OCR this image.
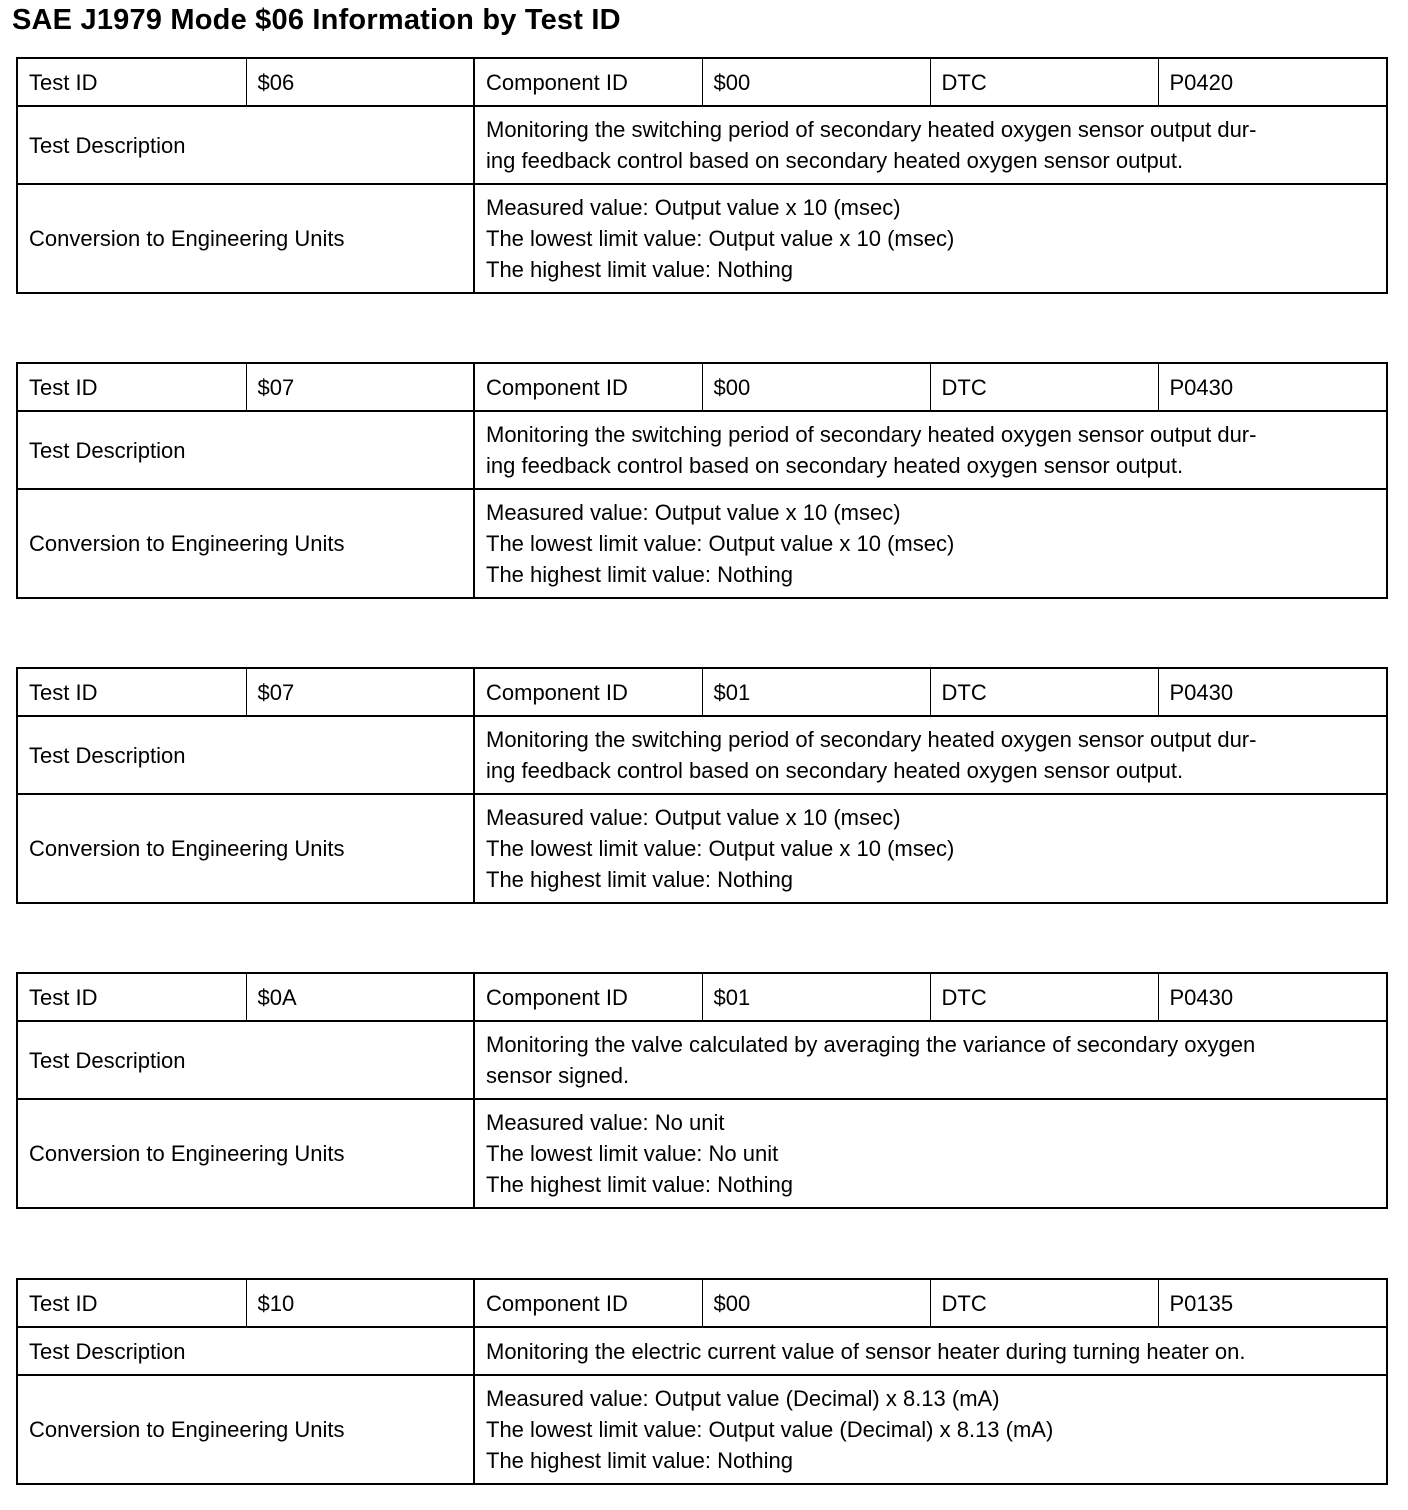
SAE J1979 Mode $06 Information by Test ID
Test ID	$06	Component ID	$00	DTC	P0420
Test Description		Monitoring the switching period of secondary heated oxygen sensor output dur-
ing feedback control based on secondary heated oxygen sensor output.			

Conversion to Engineering Units		Measured value: Output value x 10 (msec)
The lowest limit value: Output value x 10 (msec)
The highest limit value: Nothing			
Test ID	$07	Component ID	$00	DTC	P0430
Test Description		Monitoring the switching period of secondary heated oxygen sensor output dur-
ing feedback control based on secondary heated oxygen sensor output.			

Conversion to Engineering Units		Measured value: Output value x 10 (msec)
The lowest limit value: Output value x 10 (msec)
The highest limit value: Nothing			
Test ID	$07	Component ID	$01	DTC	P0430
Test Description		Monitoring the switching period of secondary heated oxygen sensor output dur-
ing feedback control based on secondary heated oxygen sensor output.			

Conversion to Engineering Units		Measured value: Output value x 10 (msec)
The lowest limit value: Output value x 10 (msec)
The highest limit value: Nothing			
Test ID	$0A	Component ID	$01	DTC	P0430
Test Description		Monitoring the valve calculated by averaging the variance of secondary oxygen
sensor signed.			

Conversion to Engineering Units		Measured value: No unit
The lowest limit value: No unit
The highest limit value: Nothing			
Test ID	$10	Component ID	$00	DTC	P0135
Test Description		Monitoring the electric current value of sensor heater during turning heater on.			

Conversion to Engineering Units		Measured value: Output value (Decimal) x 8.13 (mA)
The lowest limit value: Output value (Decimal) x 8.13 (mA)
The highest limit value: Nothing			
